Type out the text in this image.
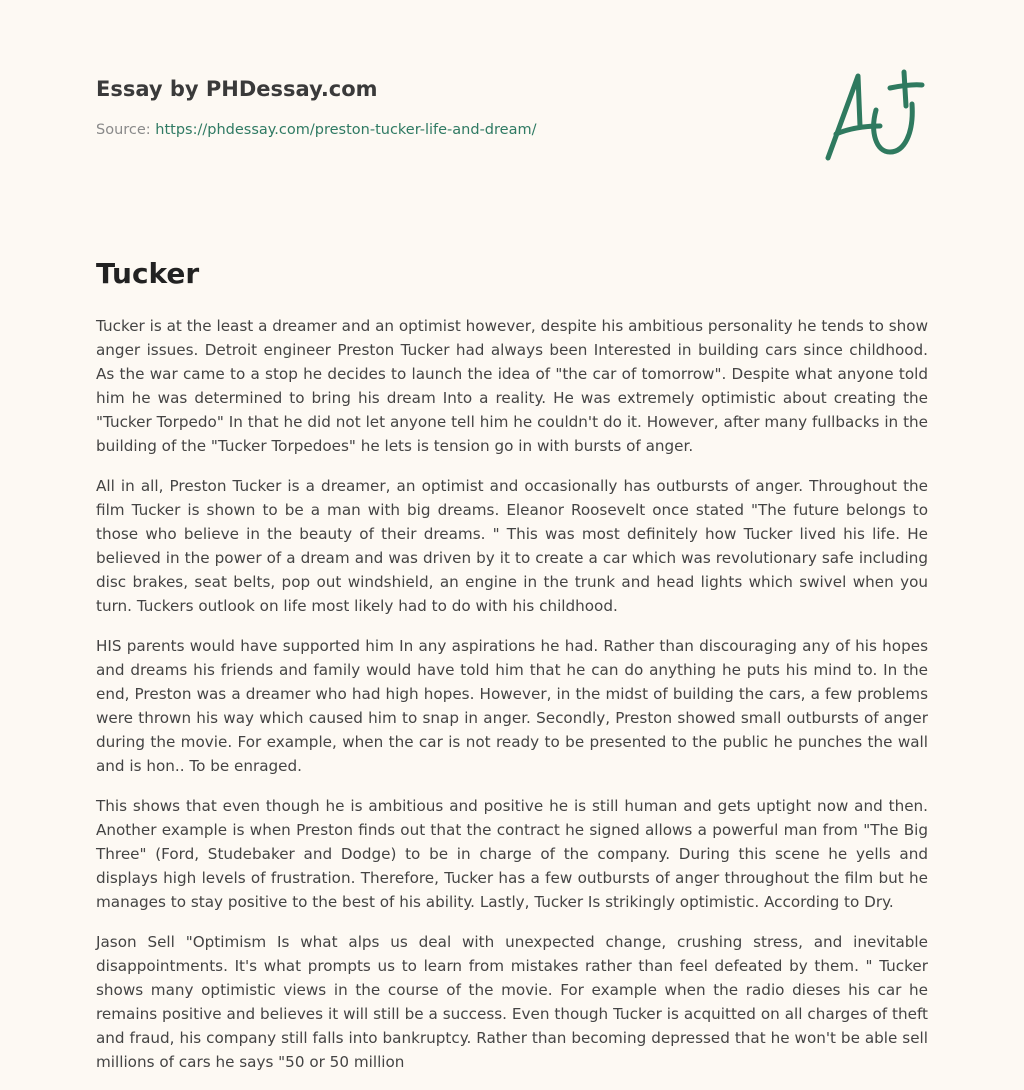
Essay by PHDessay.com
Source: https://phdessay.com/preston-tucker-life-and-dream/
Tucker

Tucker is at the least a dreamer and an optimist however, despite his ambitious personality he tends to show anger issues. Detroit engineer Preston Tucker had always been Interested in building cars since childhood. As the war came to a stop he decides to launch the idea of "the car of tomorrow". Despite what anyone told him he was determined to bring his dream Into a reality. He was extremely optimistic about creating the "Tucker Torpedo" In that he did not let anyone tell him he couldn't do it. However, after many fullbacks in the building of the "Tucker Torpedoes" he lets is tension go in with bursts of anger.

All in all, Preston Tucker is a dreamer, an optimist and occasionally has outbursts of anger. Throughout the film Tucker is shown to be a man with big dreams. Eleanor Roosevelt once stated "The future belongs to those who believe in the beauty of their dreams. " This was most definitely how Tucker lived his life. He believed in the power of a dream and was driven by it to create a car which was revolutionary safe including disc brakes, seat belts, pop out windshield, an engine in the trunk and head lights which swivel when you turn. Tuckers outlook on life most likely had to do with his childhood.

HIS parents would have supported him In any aspirations he had. Rather than discouraging any of his hopes and dreams his friends and family would have told him that he can do anything he puts his mind to. In the end, Preston was a dreamer who had high hopes. However, in the midst of building the cars, a few problems were thrown his way which caused him to snap in anger. Secondly, Preston showed small outbursts of anger during the movie. For example, when the car is not ready to be presented to the public he punches the wall and is hon.. To be enraged.

This shows that even though he is ambitious and positive he is still human and gets uptight now and then. Another example is when Preston finds out that the contract he signed allows a powerful man from "The Big Three" (Ford, Studebaker and Dodge) to be in charge of the company. During this scene he yells and displays high levels of frustration. Therefore, Tucker has a few outbursts of anger throughout the film but he manages to stay positive to the best of his ability. Lastly, Tucker Is strikingly optimistic. According to Dry.

Jason Sell "Optimism Is what alps us deal with unexpected change, crushing stress, and inevitable disappointments. It's what prompts us to learn from mistakes rather than feel defeated by them. " Tucker shows many optimistic views in the course of the movie. For example when the radio dieses his car he remains positive and believes it will still be a success. Even though Tucker is acquitted on all charges of theft and fraud, his company still falls into bankruptcy. Rather than becoming depressed that he won't be able sell millions of cars he says "50 or 50 million
